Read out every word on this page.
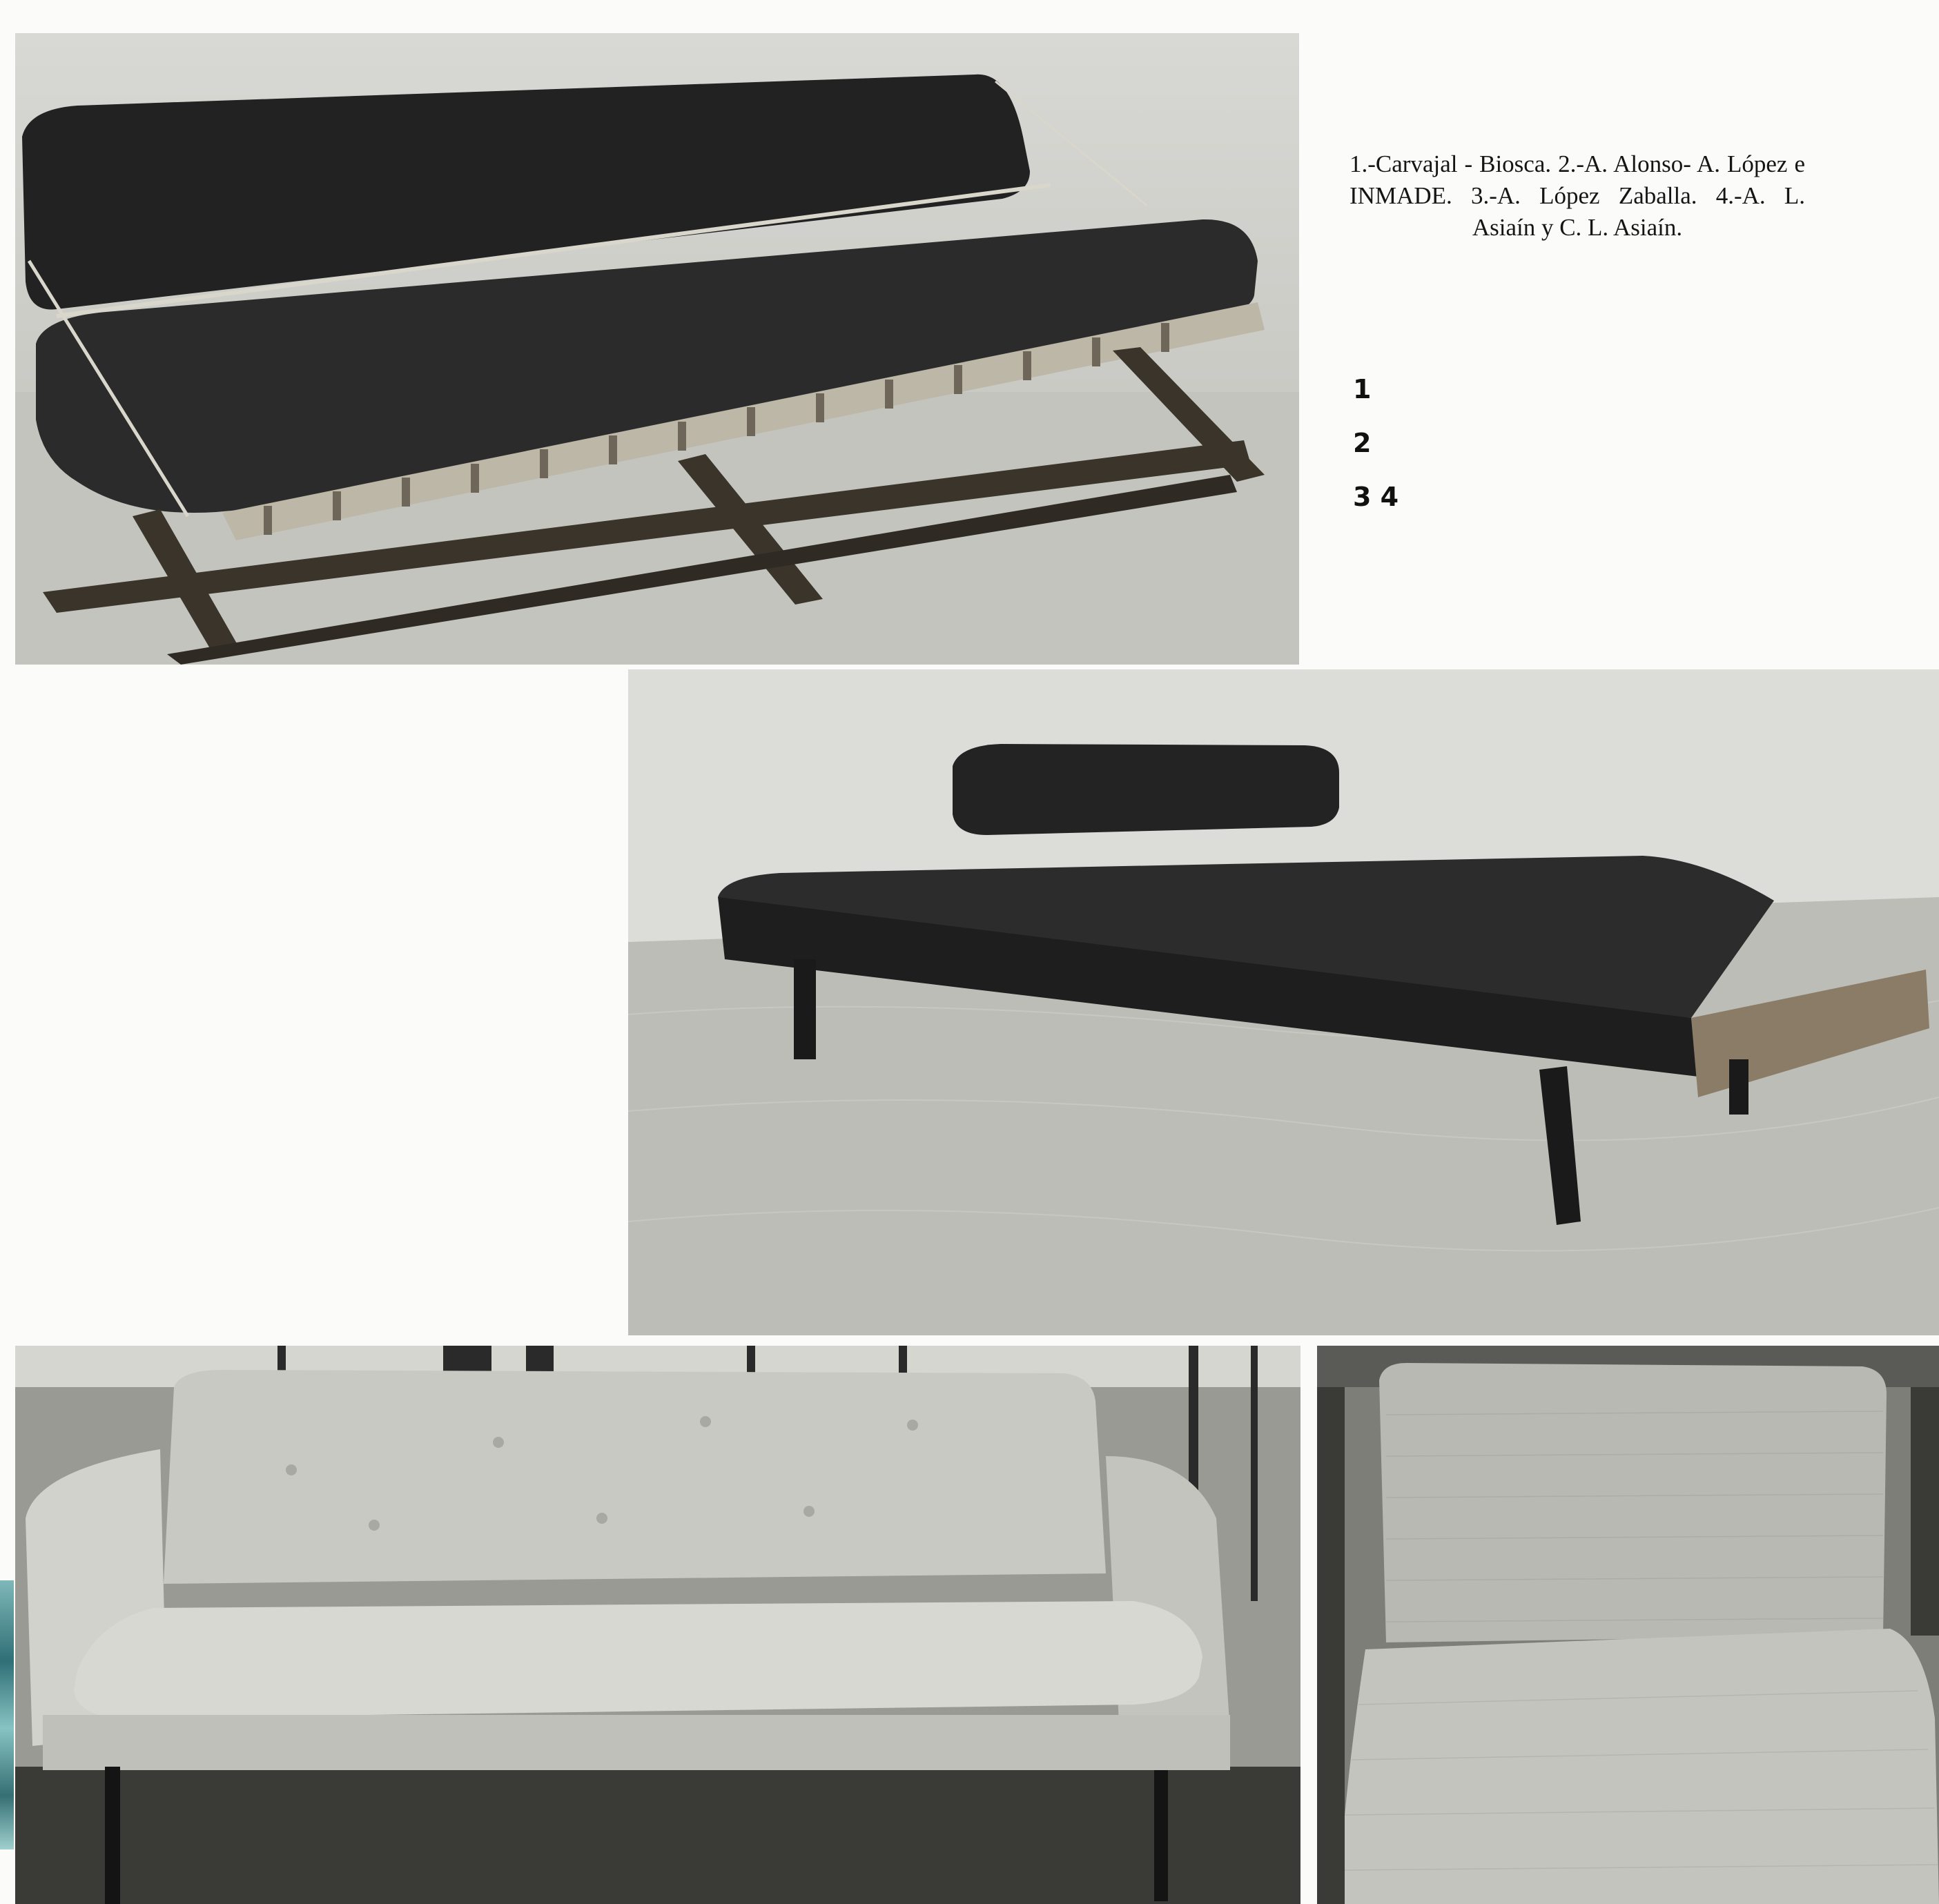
1.-Carvajal - Biosca. 2.-A. Alonso- A. López e INMADE. 3.-A. López Zaballa. 4.-A. L. Asiaín y C. L. Asiaín.
1
2
3 4
